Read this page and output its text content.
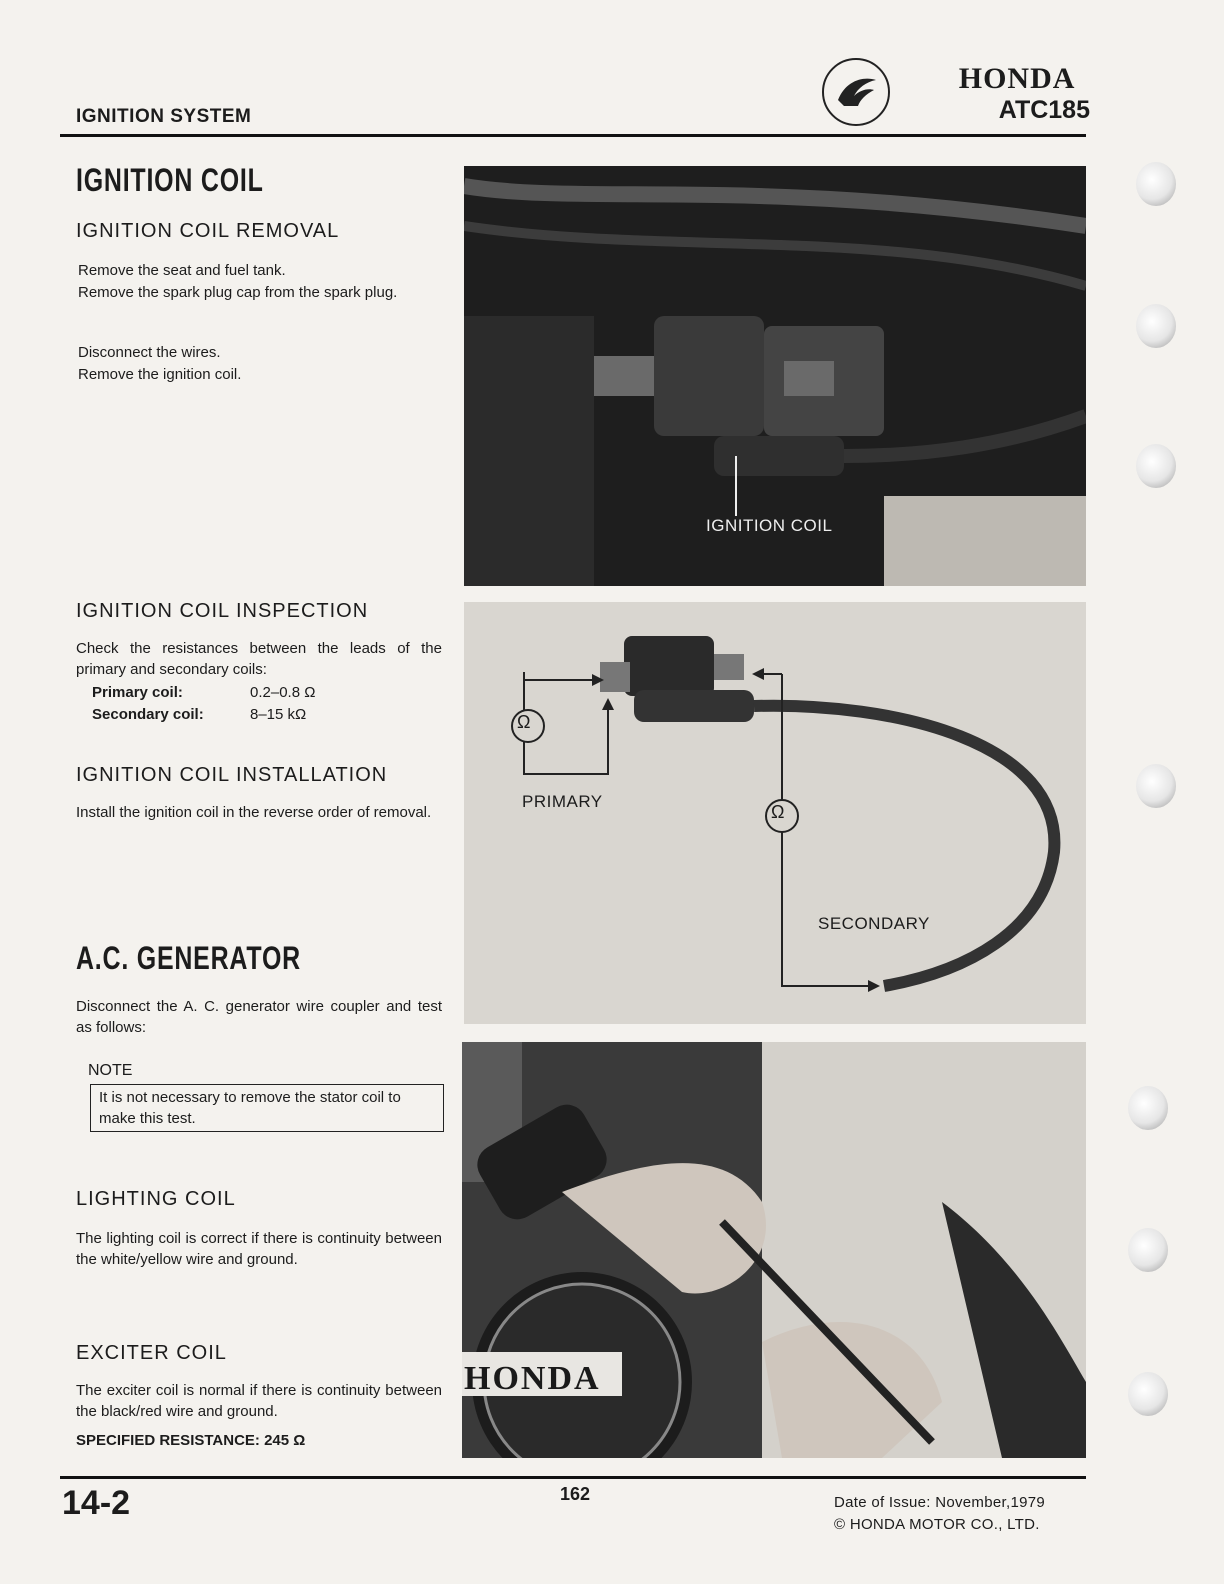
IGNITION SYSTEM
HONDA
ATC185
IGNITION COIL
IGNITION COIL REMOVAL
Remove the seat and fuel tank.
Remove the spark plug cap from the spark plug.
Disconnect the wires.
Remove the ignition coil.
IGNITION COIL
IGNITION COIL INSPECTION
Check the resistances between the leads of the primary and secondary coils:
Primary coil:	0.2–0.8 Ω
Secondary coil:	8–15 kΩ	Ω
Ω
PRIMARY
SECONDARY
IGNITION COIL INSTALLATION
Install the ignition coil in the reverse order of removal.
A.C. GENERATOR
Disconnect the A. C. generator wire coupler and test as follows:
NOTE
It is not necessary to remove the stator coil to make this test.
LIGHTING COIL
The lighting coil is correct if there is continuity between the white/yellow wire and ground.
EXCITER COIL
The exciter coil is normal if there is continuity between the black/red wire and ground.
SPECIFIED RESISTANCE: 245 Ω
HONDA
14-2	162	Date of Issue: November,1979
© HONDA MOTOR CO., LTD.
